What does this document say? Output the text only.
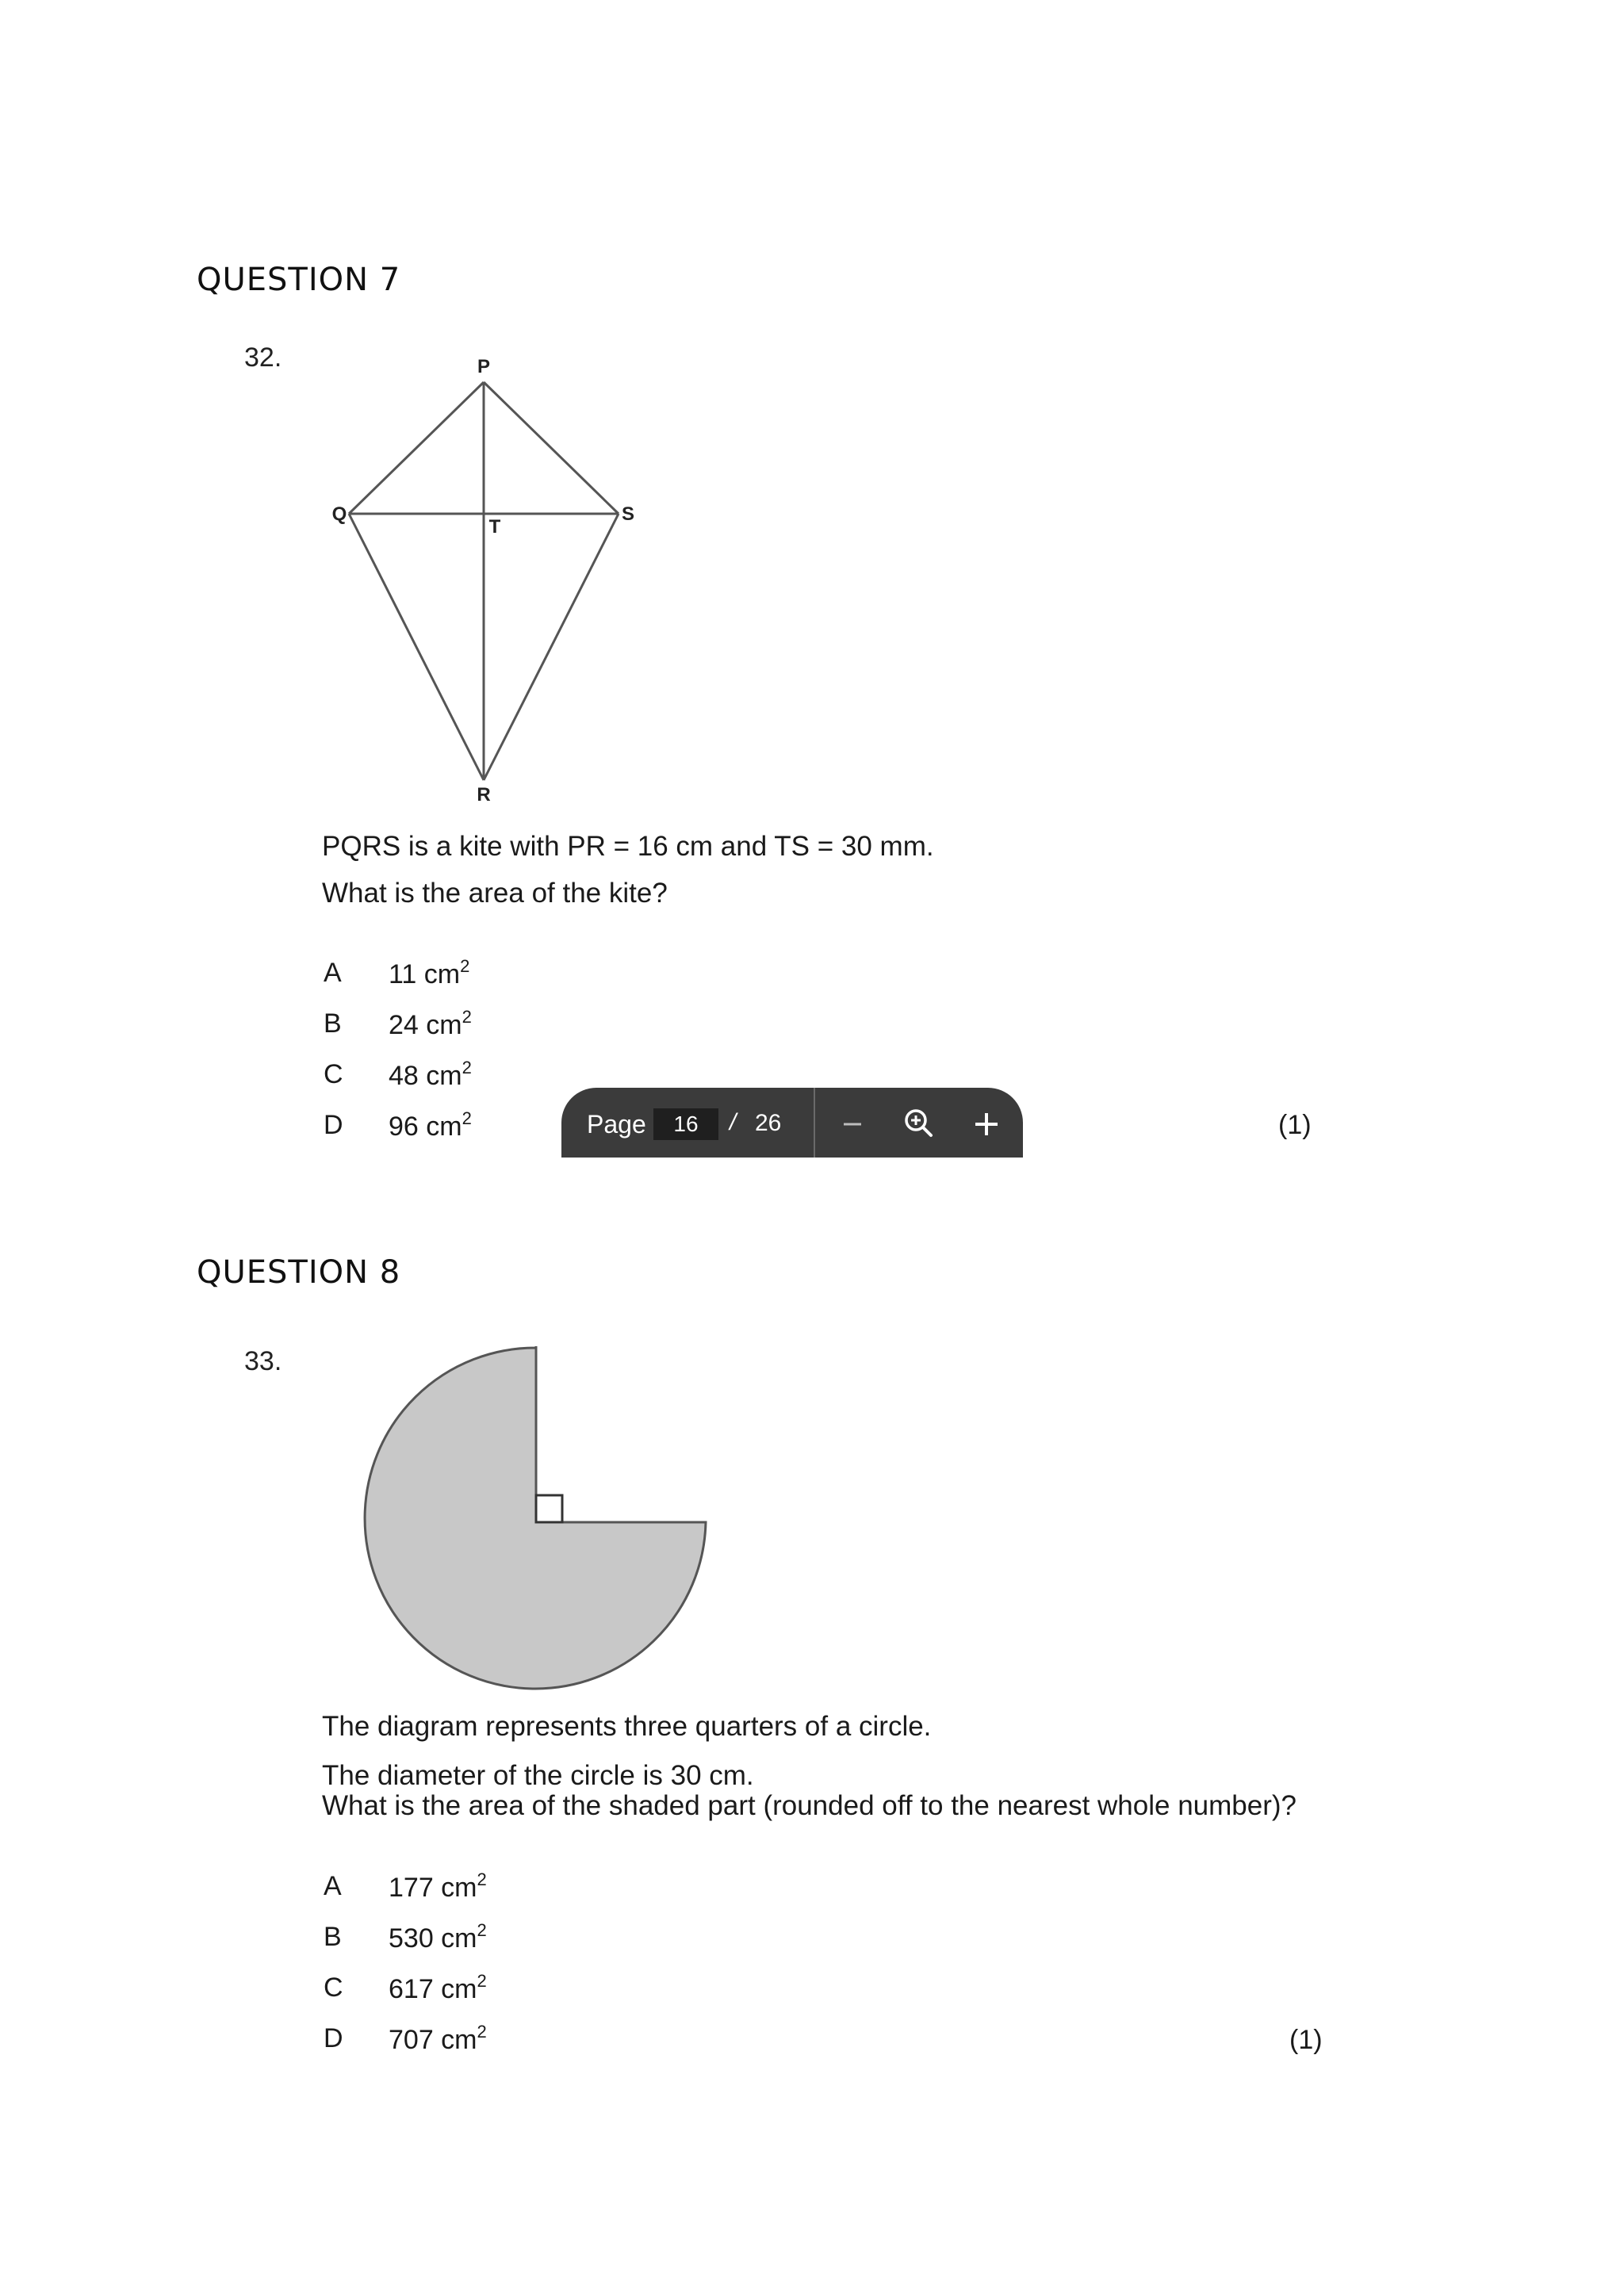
QUESTION 7
32.	P
Q	S
T
R
PQRS is a kite with PR = 16 cm and TS = 30 mm.
What is the area of the kite?
A 11 $cm^2$
B 24 $cm^2$
C 48 $cm^2$
D 96 $cm^2$	(1)
Page	16	/ 26
QUESTION 8
33.
The diagram represents three quarters of a circle.
The diameter of the circle is 30 cm.
What is the area of the shaded part (rounded off to the nearest whole number)?
A 177 $cm^2$
B 530 $cm^2$
C 617 $cm^2$
D 707 $cm^2$	(1)
